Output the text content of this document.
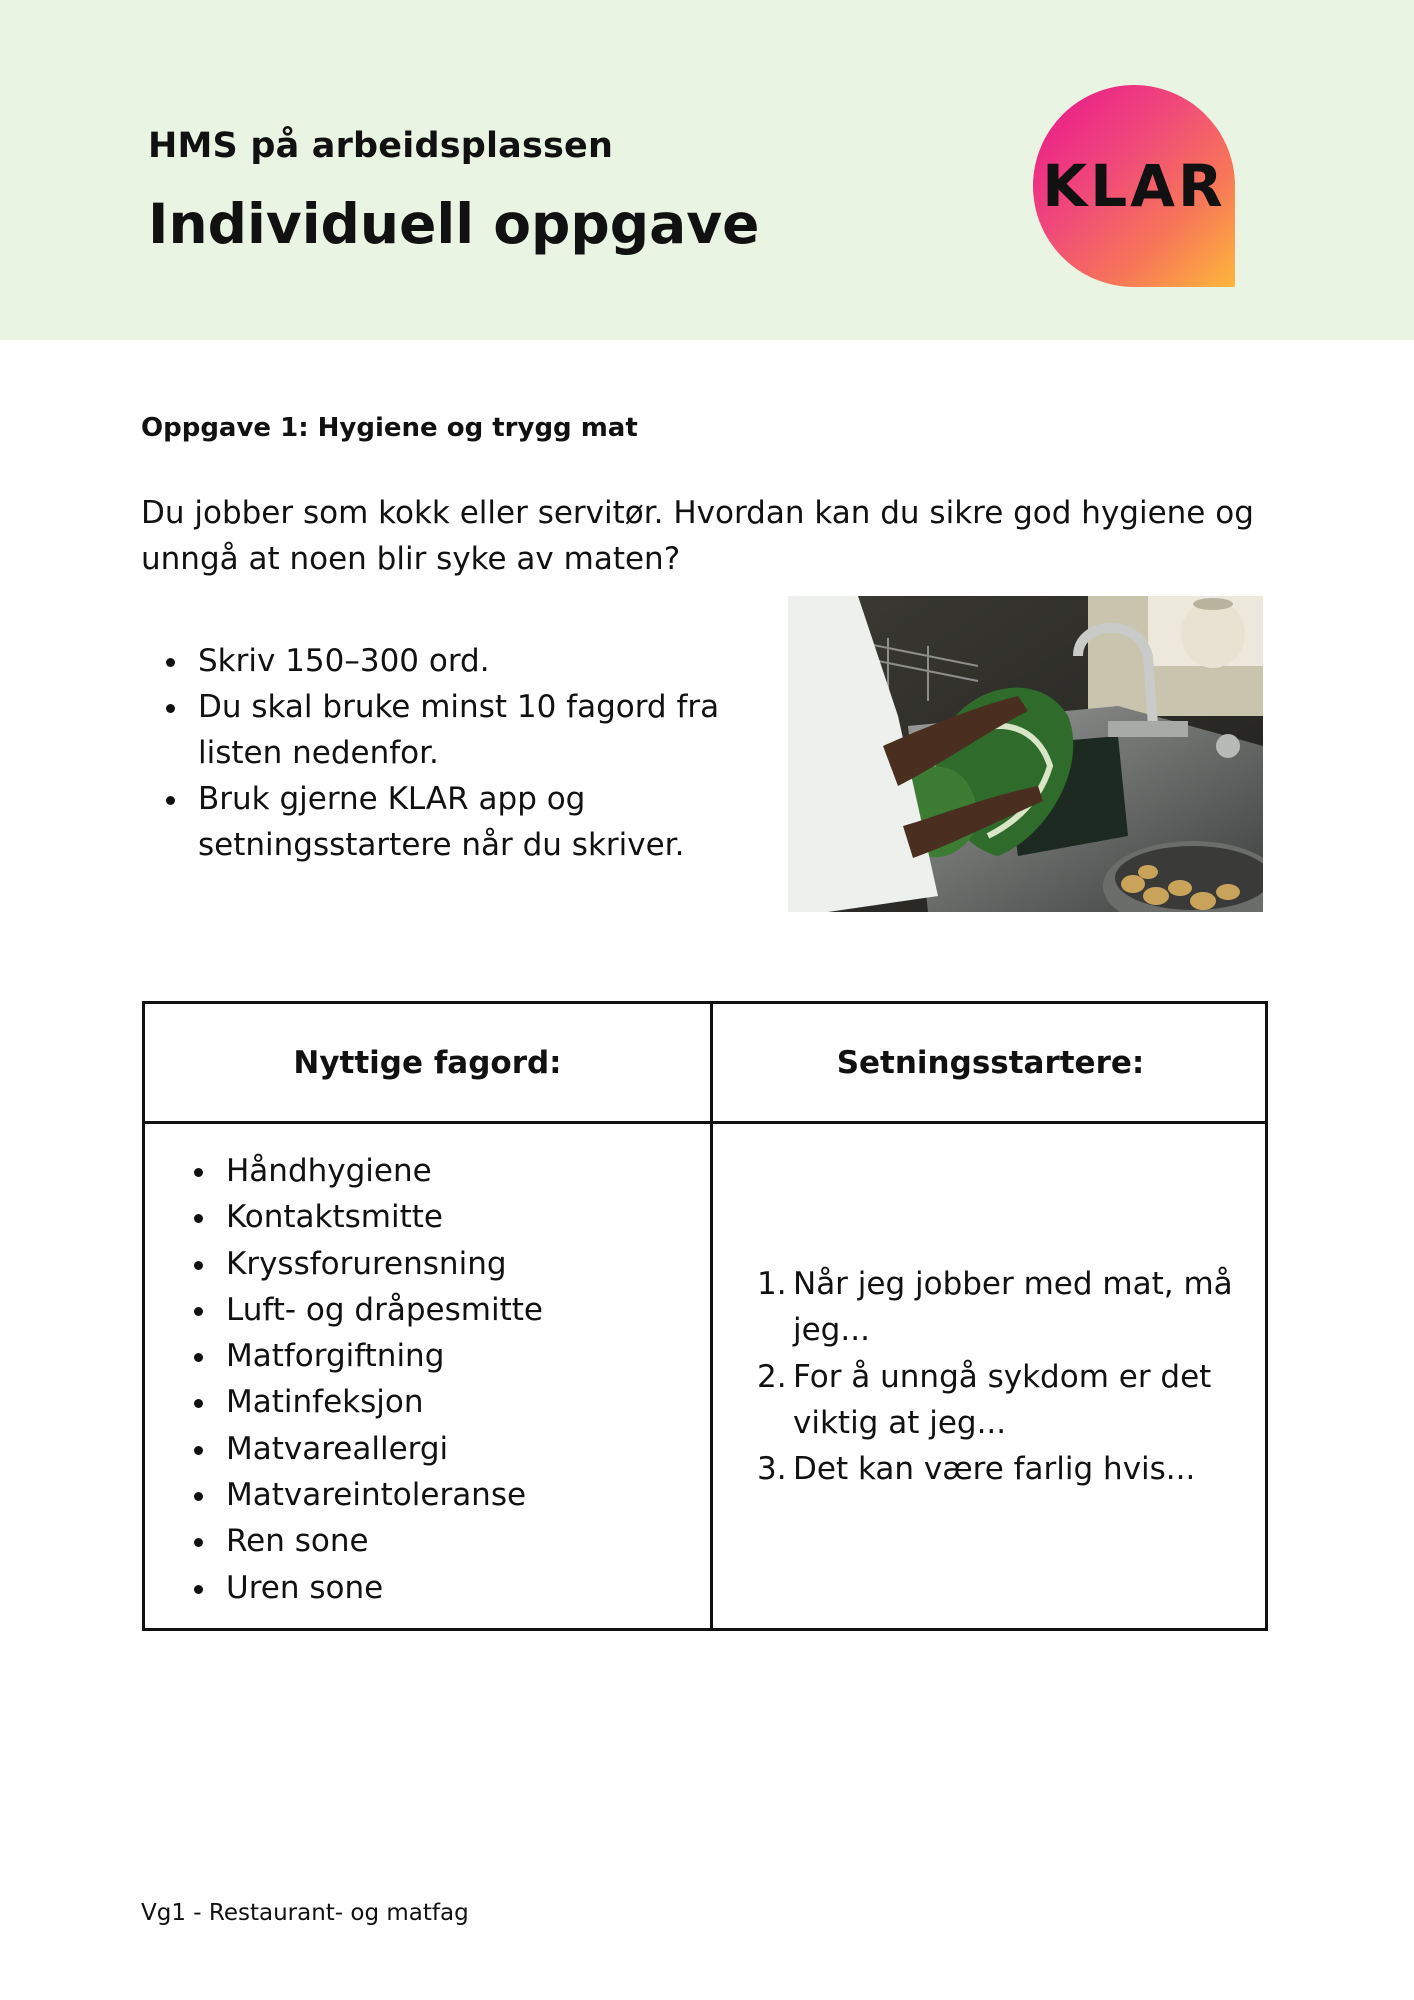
HMS på arbeidsplassen
Individuell oppgave
KLAR
Oppgave 1: Hygiene og trygg mat

Du jobber som kokk eller servitør. Hvordan kan du sikre god hygiene og unngå at noen blir syke av maten?

Skriv 150–300 ord.
Du skal bruke minst 10 fagord fra listen nedenfor.
Bruk gjerne KLAR app og setningsstartere når du skriver.
Nyttige fagord:	Setningsstartere:
Håndhygiene
Kontaktsmitte
Kryssforurensning
Luft- og dråpesmitte
Matforgiftning
Matinfeksjon
Matvareallergi
Matvareintoleranse
Ren sone
Uren sone
1. Når jeg jobber med mat, må jeg...
2. For å unngå sykdom er det viktig at jeg...
3. Det kan være farlig hvis...
Vg1 - Restaurant- og matfag
